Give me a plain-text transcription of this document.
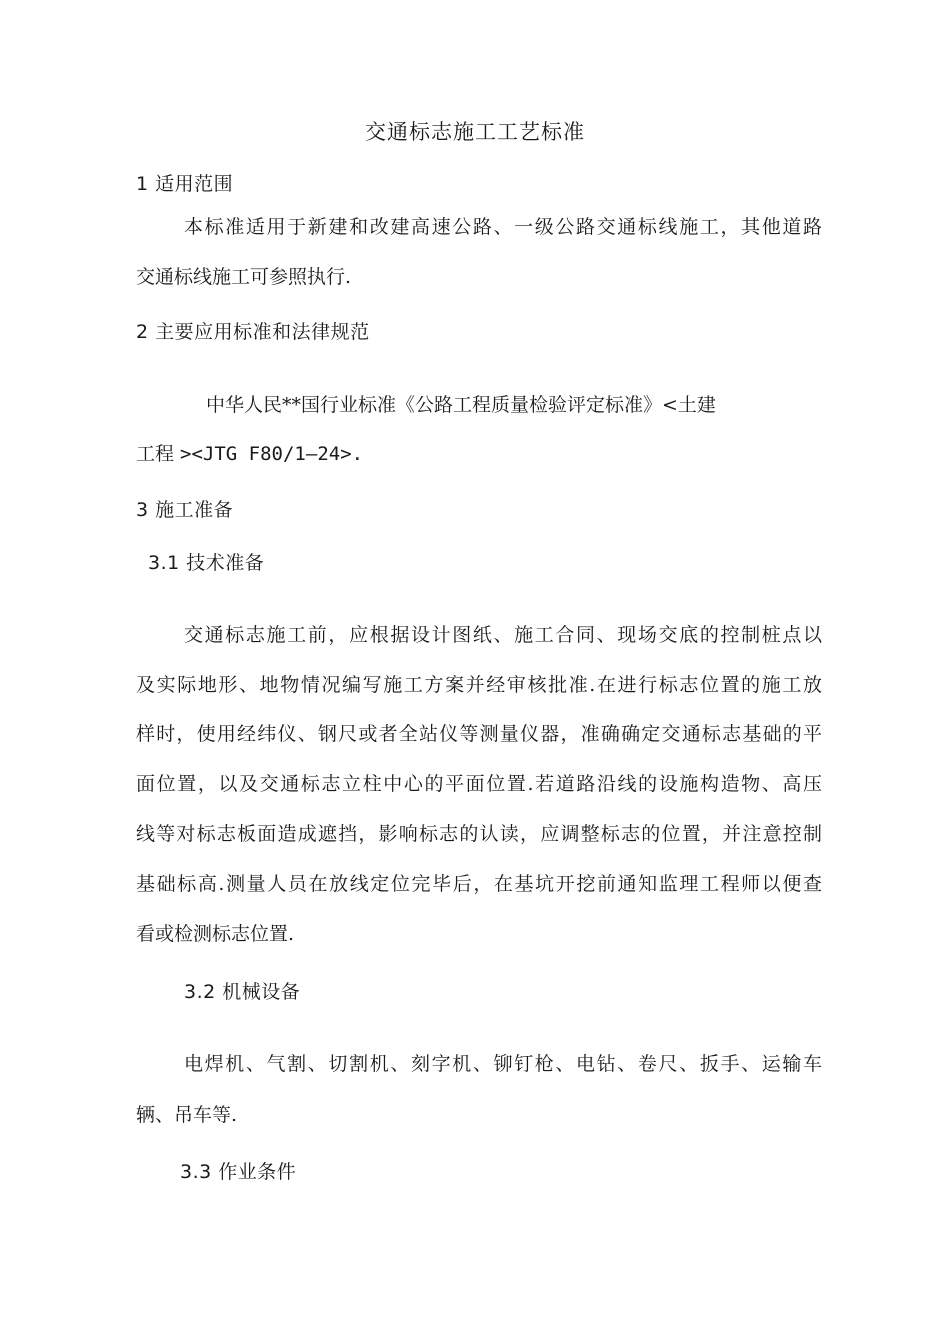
交通标志施工工艺标准
1 适用范围
本标准适用于新建和改建高速公路、一级公路交通标线施工，其他道路
交通标线施工可参照执行.
2 主要应用标准和法律规范
中华人民**国行业标准《公路工程质量检验评定标准》<土建
工程 ><JTG F80/1—24>.
3 施工准备
3.1 技术准备
交通标志施工前，应根据设计图纸、施工合同、现场交底的控制桩点以
及实际地形、地物情况编写施工方案并经审核批准.在进行标志位置的施工放
样时，使用经纬仪、钢尺或者全站仪等测量仪器，准确确定交通标志基础的平
面位置，以及交通标志立柱中心的平面位置.若道路沿线的设施构造物、高压
线等对标志板面造成遮挡，影响标志的认读，应调整标志的位置，并注意控制
基础标高.测量人员在放线定位完毕后，在基坑开挖前通知监理工程师以便查
看或检测标志位置.
3.2 机械设备
电焊机、气割、切割机、刻字机、铆钉枪、电钻、卷尺、扳手、运输车
辆、吊车等.
3.3 作业条件
